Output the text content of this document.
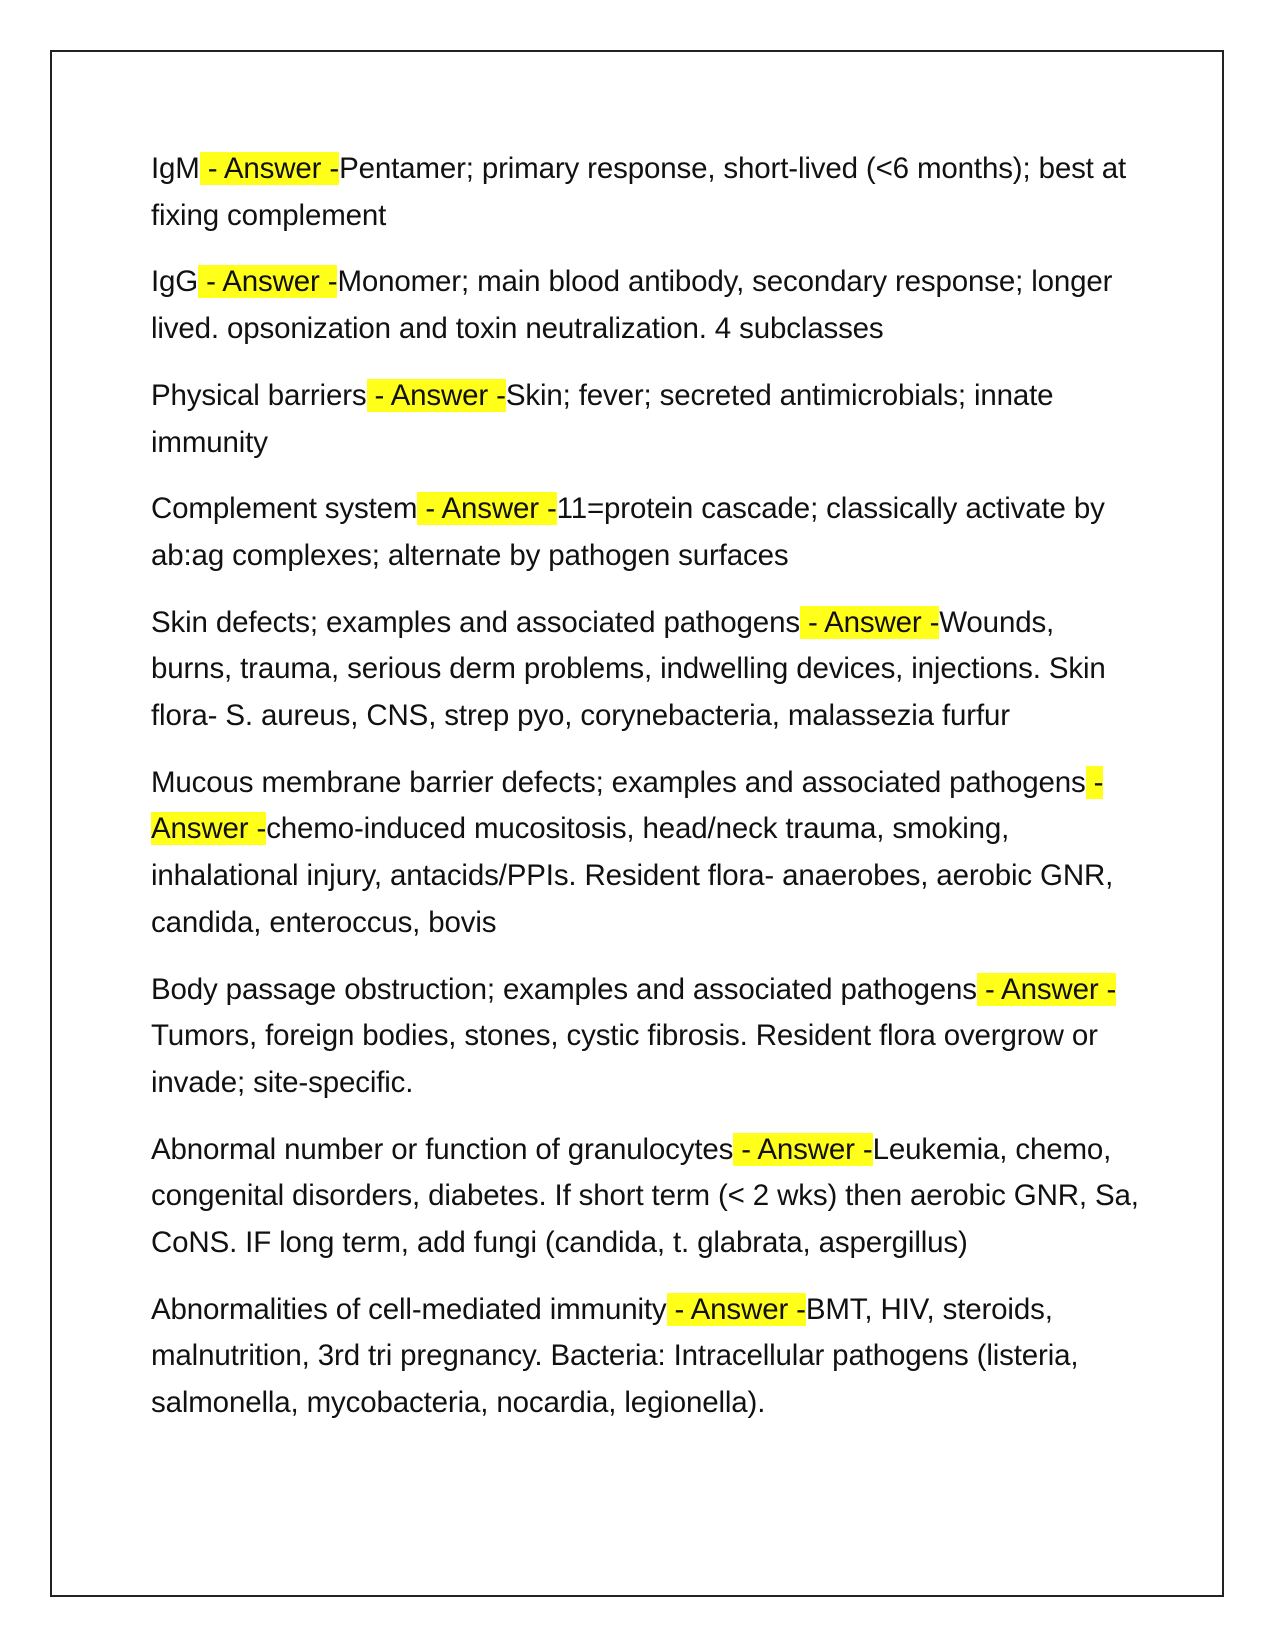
IgM - Answer -Pentamer; primary response, short-lived (<6 months); best at fixing complement

IgG - Answer -Monomer; main blood antibody, secondary response; longer lived. opsonization and toxin neutralization. 4 subclasses

Physical barriers - Answer -Skin; fever; secreted antimicrobials; innate immunity

Complement system - Answer -11=protein cascade; classically activate by ab:ag complexes; alternate by pathogen surfaces

Skin defects; examples and associated pathogens - Answer -Wounds, burns, trauma, serious derm problems, indwelling devices, injections. Skin flora- S. aureus, CNS, strep pyo, corynebacteria, malassezia furfur

Mucous membrane barrier defects; examples and associated pathogens - Answer -chemo-induced mucositosis, head/neck trauma, smoking, inhalational injury, antacids/PPIs. Resident flora- anaerobes, aerobic GNR, candida, enteroccus, bovis

Body passage obstruction; examples and associated pathogens - Answer -Tumors, foreign bodies, stones, cystic fibrosis. Resident flora overgrow or invade; site-specific.

Abnormal number or function of granulocytes - Answer -Leukemia, chemo, congenital disorders, diabetes. If short term (< 2 wks) then aerobic GNR, Sa, CoNS. IF long term, add fungi (candida, t. glabrata, aspergillus)

Abnormalities of cell-mediated immunity - Answer -BMT, HIV, steroids, malnutrition, 3rd tri pregnancy. Bacteria: Intracellular pathogens (listeria, salmonella, mycobacteria, nocardia, legionella).
